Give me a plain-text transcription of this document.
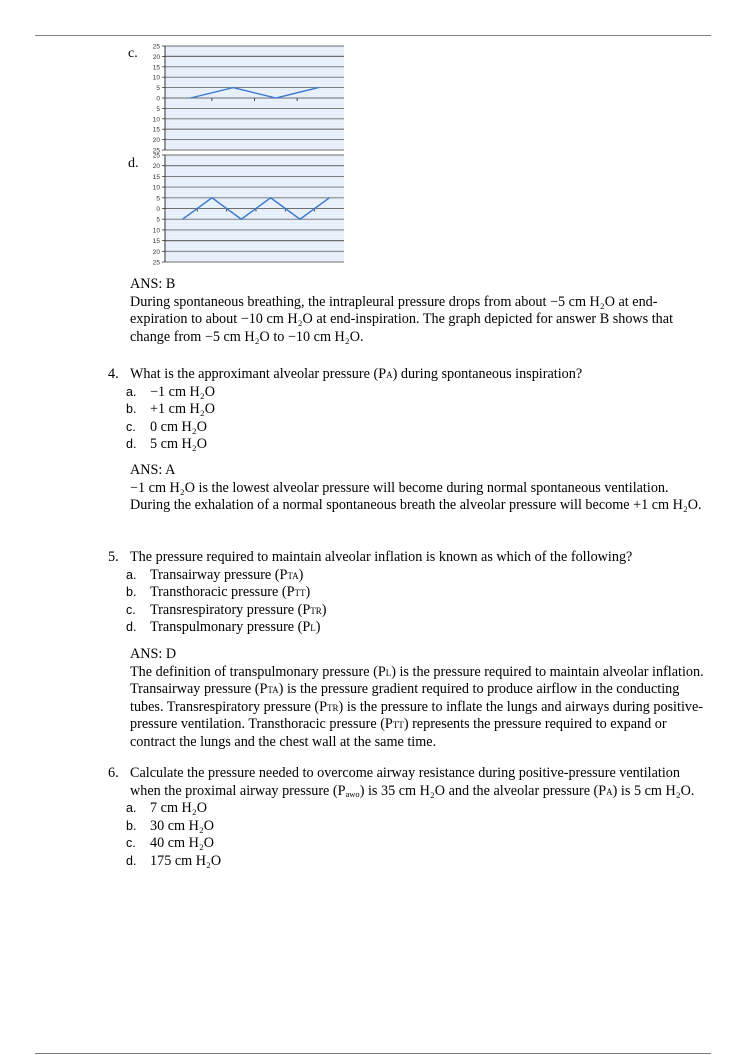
c. 25
20
15
10
5
0
5
10
15
20
25
d. 25
20
15
10
5
0
5
10
15
20
25

ANS: B

During spontaneous breathing, the intrapleural pressure drops from about −5 cm H₂O at end-expiration to about −10 cm H₂O at end-inspiration. The graph depicted for answer B shows that change from −5 cm H₂O to −10 cm H₂O.

4. What is the approximant alveolar pressure (PA) during spontaneous inspiration?
a. −1 cm H₂O
b. +1 cm H₂O
c. 0 cm H₂O
d. 5 cm H₂O

ANS: A

−1 cm H₂O is the lowest alveolar pressure will become during normal spontaneous ventilation. During the exhalation of a normal spontaneous breath the alveolar pressure will become +1 cm H₂O.

5. The pressure required to maintain alveolar inflation is known as which of the following?
a. Transairway pressure (PTA)
b. Transthoracic pressure (PTT)
c. Transrespiratory pressure (PTR)
d. Transpulmonary pressure (PL)

ANS: D

The definition of transpulmonary pressure (PL) is the pressure required to maintain alveolar inflation. Transairway pressure (PTA) is the pressure gradient required to produce airflow in the conducting tubes. Transrespiratory pressure (PTR) is the pressure to inflate the lungs and airways during positive-pressure ventilation. Transthoracic pressure (PTT) represents the pressure required to expand or contract the lungs and the chest wall at the same time.

6. Calculate the pressure needed to overcome airway resistance during positive-pressure ventilation when the proximal airway pressure $(P_{awo})$ is 35 cm H₂O and the alveolar pressure (PA) is 5 cm H₂O.
a. 7 cm H₂O
b. 30 cm H₂O
c. 40 cm H₂O
d. 175 cm H₂O
